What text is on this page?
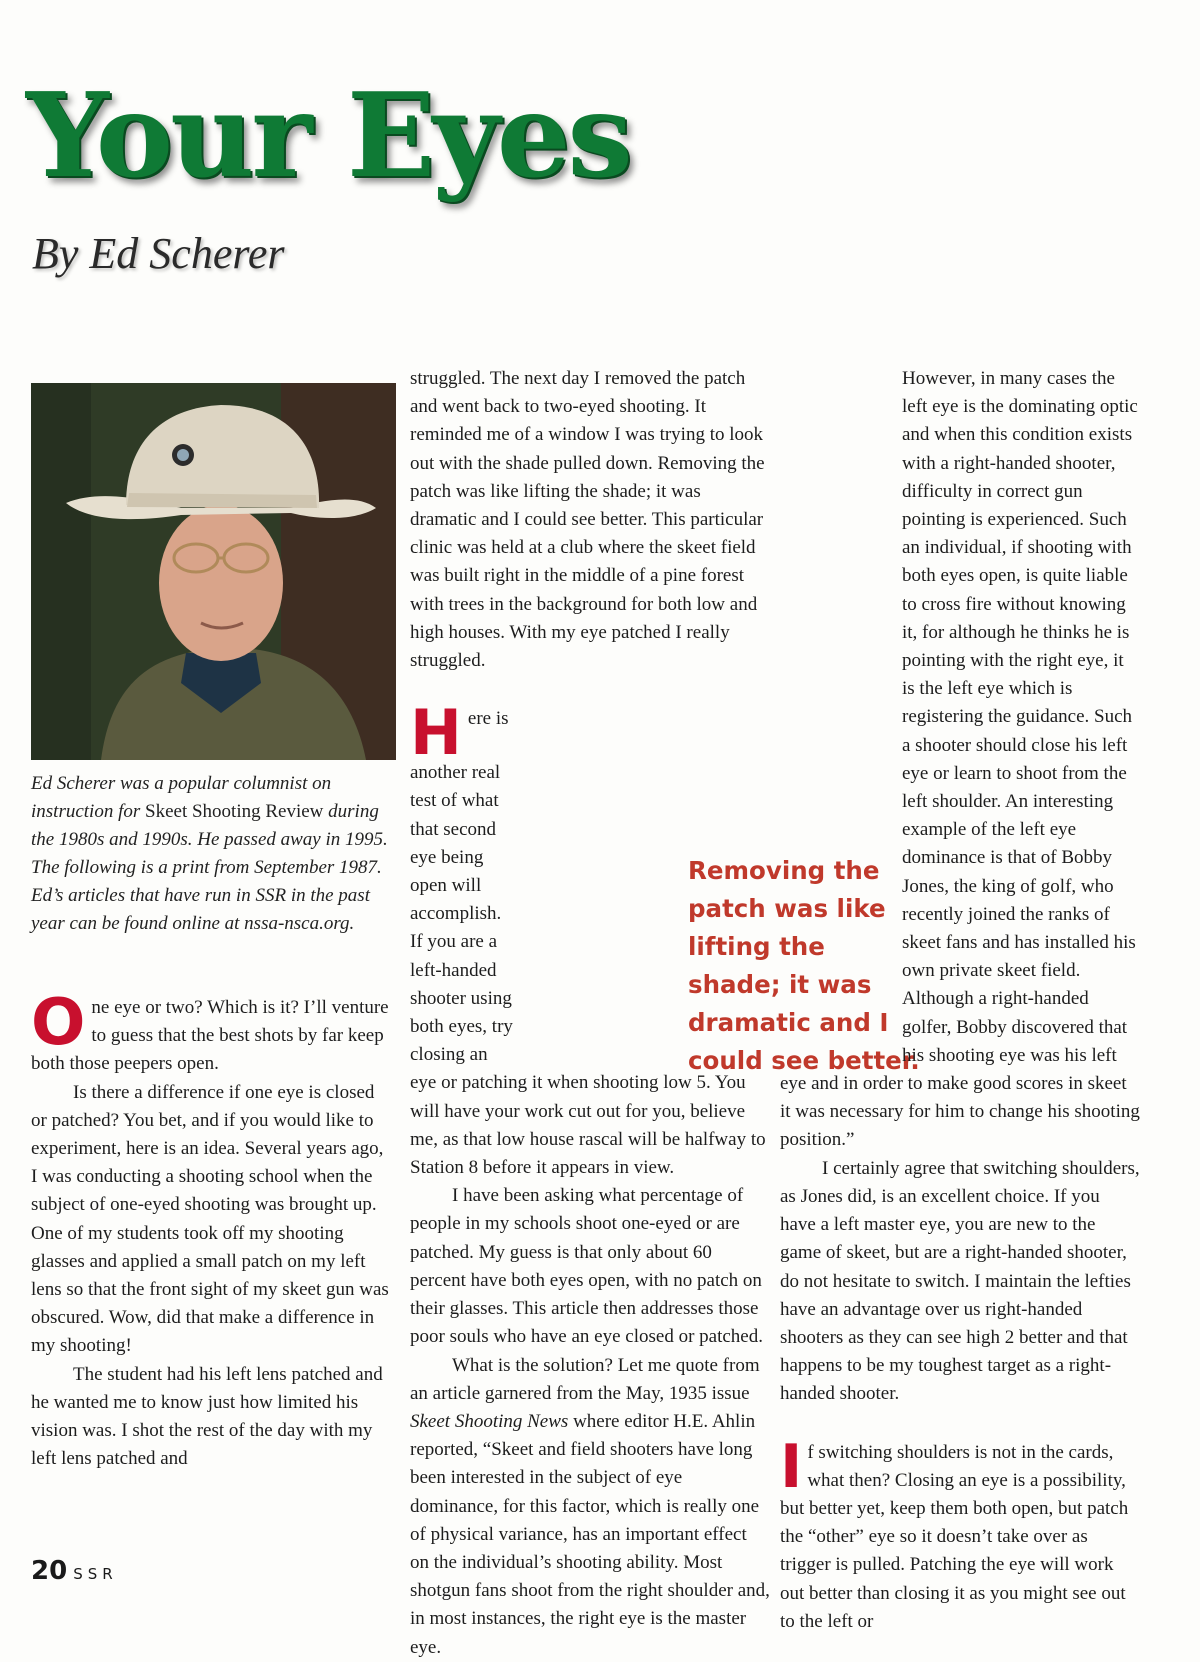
Your Eyes
By Ed Scherer
Ed Scherer was a popular columnist on instruction for Skeet Shooting Review during the 1980s and 1990s. He passed away in 1995. The following is a print from September 1987. Ed’s articles that have run in SSR in the past year can be found online at nssa-nsca.org.

One eye or two? Which is it? I’ll venture to guess that the best shots by far keep both those peepers open.

Is there a difference if one eye is closed or patched? You bet, and if you would like to experiment, here is an idea. Several years ago, I was conducting a shooting school when the subject of one-eyed shooting was brought up. One of my students took off my shooting glasses and applied a small patch on my left lens so that the front sight of my skeet gun was obscured. Wow, did that make a difference in my shooting!

The student had his left lens patched and he wanted me to know just how limited his vision was. I shot the rest of the day with my left lens patched and

struggled. The next day I removed the patch and went back to two-eyed shooting. It reminded me of a window I was trying to look out with the shade pulled down. Removing the patch was like lifting the shade; it was dramatic and I could see better. This particular clinic was held at a club where the skeet field was built right in the middle of a pine forest with trees in the background for both low and high houses. With my eye patched I really struggled.

Here is another real test of what that second eye being open will accomplish. If you are a left-handed shooter using both eyes, try closing an eye or patching it when shooting low 5. You will have your work cut out for you, believe me, as that low house rascal will be halfway to Station 8 before it appears in view.

I have been asking what percentage of people in my schools shoot one-eyed or are patched. My guess is that only about 60 percent have both eyes open, with no patch on their glasses. This article then addresses those poor souls who have an eye closed or patched.

What is the solution? Let me quote from an article garnered from the May, 1935 issue Skeet Shooting News where editor H.E. Ahlin reported, “Skeet and field shooters have long been interested in the subject of eye dominance, for this factor, which is really one of physical variance, has an important effect on the individual’s shooting ability. Most shotgun fans shoot from the right shoulder and, in most instances, the right eye is the master eye.

Removing the patch was like lifting the shade; it was dramatic and I could see better.

However, in many cases the left eye is the dominating optic and when this condition exists with a right-handed shooter, difficulty in correct gun pointing is experienced. Such an individual, if shooting with both eyes open, is quite liable to cross fire without knowing it, for although he thinks he is pointing with the right eye, it is the left eye which is registering the guidance. Such a shooter should close his left eye or learn to shoot from the left shoulder. An interesting example of the left eye dominance is that of Bobby Jones, the king of golf, who recently joined the ranks of skeet fans and has installed his own private skeet field. Although a right-handed golfer, Bobby discovered that his shooting eye was his left eye and in order to make good scores in skeet it was necessary for him to change his shooting position.”

I certainly agree that switching shoulders, as Jones did, is an excellent choice. If you have a left master eye, you are new to the game of skeet, but are a right-handed shooter, do not hesitate to switch. I maintain the lefties have an advantage over us right-handed shooters as they can see high 2 better and that happens to be my toughest target as a right-handed shooter.

If switching shoulders is not in the cards, what then? Closing an eye is a possibility, but better yet, keep them both open, but patch the “other” eye so it doesn’t take over as trigger is pulled. Patching the eye will work out better than closing it as you might see out to the left or

20 SSR
